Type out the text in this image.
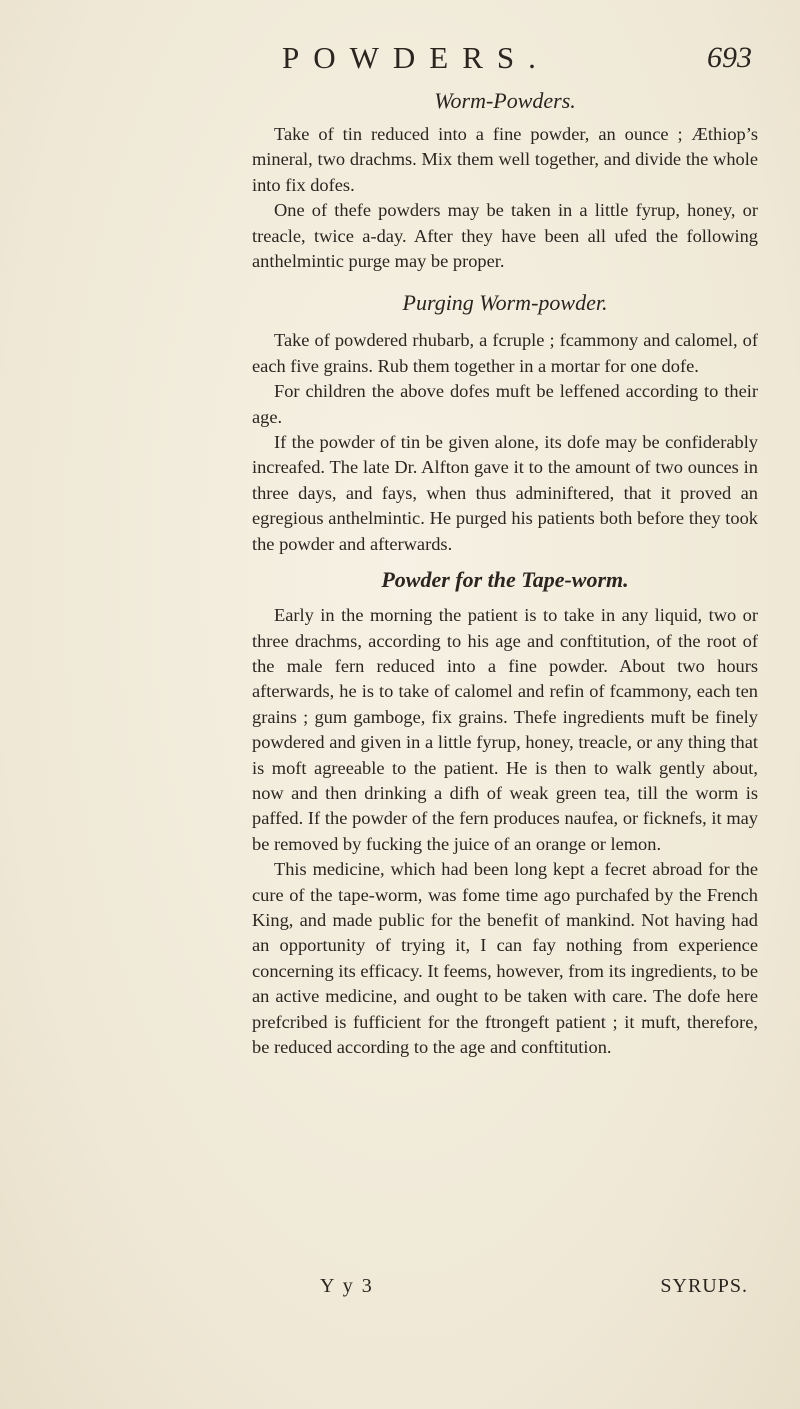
POWDERS.	693
Worm-Powders.

Take of tin reduced into a fine powder, an ounce ; Æthiop’s mineral, two drachms. Mix them well together, and divide the whole into fix dofes.

One of thefe powders may be taken in a little fyrup, honey, or treacle, twice a-day. After they have been all ufed the following anthelmintic purge may be proper.

Purging Worm-powder.

Take of powdered rhubarb, a fcruple ; fcammony and calomel, of each five grains. Rub them together in a mortar for one dofe.

For children the above dofes muft be leffened according to their age.

If the powder of tin be given alone, its dofe may be confiderably increafed. The late Dr. Alfton gave it to the amount of two ounces in three days, and fays, when thus adminiftered, that it proved an egregious anthelmintic. He purged his patients both before they took the powder and afterwards.

Powder for the Tape-worm.

Early in the morning the patient is to take in any liquid, two or three drachms, according to his age and conftitution, of the root of the male fern reduced into a fine powder. About two hours afterwards, he is to take of calomel and refin of fcammony, each ten grains ; gum gamboge, fix grains. Thefe ingredients muft be finely powdered and given in a little fyrup, honey, treacle, or any thing that is moft agreeable to the patient. He is then to walk gently about, now and then drinking a difh of weak green tea, till the worm is paffed. If the powder of the fern produces naufea, or ficknefs, it may be removed by fucking the juice of an orange or lemon.

This medicine, which had been long kept a fecret abroad for the cure of the tape-worm, was fome time ago purchafed by the French King, and made public for the benefit of mankind. Not having had an opportunity of trying it, I can fay nothing from experience concerning its efficacy. It feems, however, from its ingredients, to be an active medicine, and ought to be taken with care. The dofe here prefcribed is fufficient for the ftrongeft patient ; it muft, therefore, be reduced according to the age and conftitution.

Y y 3	SYRUPS.
